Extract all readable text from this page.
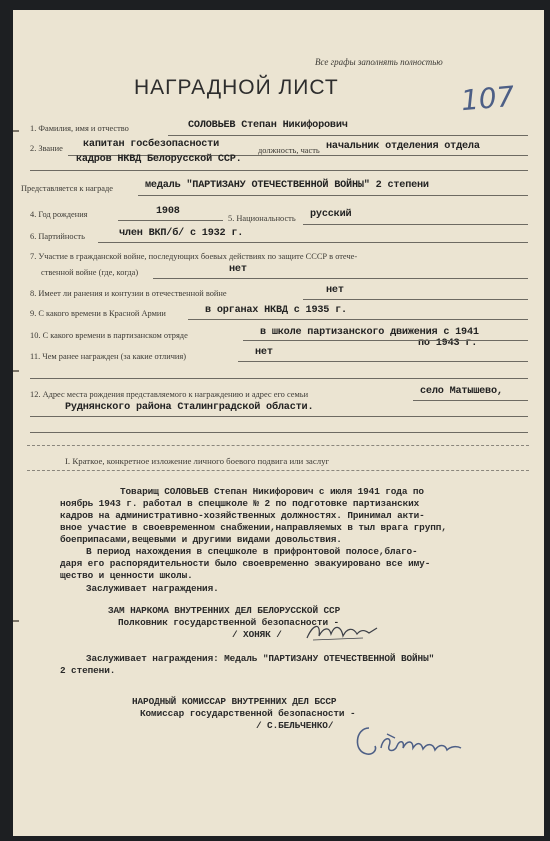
Все графы заполнять полностью
НАГРАДНОЙ ЛИСТ	107
1. Фамилия, имя и отчество	СОЛОВЬЕВ Степан Никифорович
2. Звание капитан госбезопасности
должность, часть начальник отделения отдела
кадров НКВД Белорусской ССР.
Представляется к награде	медаль "ПАРТИЗАНУ ОТЕЧЕСТВЕННОЙ ВОЙНЫ" 2 степени
4. Год рождения	1908
5. Национальность русский
6. Партийность	член ВКП/б/ с 1932 г.
7. Участие в гражданской войне, последующих боевых действиях по защите СССР в отече-
ственной войне (где, когда)	нет
8. Имеет ли ранения и контузии в отечественной войне	нет
9. С какого времени в Красной Армии	в органах НКВД с 1935 г.
10. С какого времени в партизанском отряде	в школе партизанского движения с 1941
по 1943 г.
11. Чем ранее награжден (за какие отличия)	нет
12. Адрес места рождения представляемого к награждению и адрес его семьи	село Матышево,
Руднянского района Сталинградской области.
I. Краткое, конкретное изложение личного боевого подвига или заслуг
Товарищ СОЛОВЬЕВ Степан Никифорович с июля 1941 года по
ноябрь 1943 г. работал в спецшколе № 2 по подготовке партизанских
кадров на административно-хозяйственных должностях. Принимал акти-
вное участие в своевременном снабжении,направляемых в тыл врага групп,
боеприпасами,вещевыми и другими видами довольствия.
В период нахождения в спецшколе в прифронтовой полосе,благо-
даря его распорядительности было своевременно эвакуировано все иму-
щество и ценности школы.
Заслуживает награждения.
ЗАМ НАРКОМА ВНУТРЕННИХ ДЕЛ БЕЛОРУССКОЙ ССР
Полковник государственной безопасности -
/ ХОНЯК /
Заслуживает награждения: Медаль "ПАРТИЗАНУ ОТЕЧЕСТВЕННОЙ ВОЙНЫ"
2 степени.
НАРОДНЫЙ КОМИССАР ВНУТРЕННИХ ДЕЛ БССР
Комиссар государственной безопасности -
/ С.БЕЛЬЧЕНКО/
